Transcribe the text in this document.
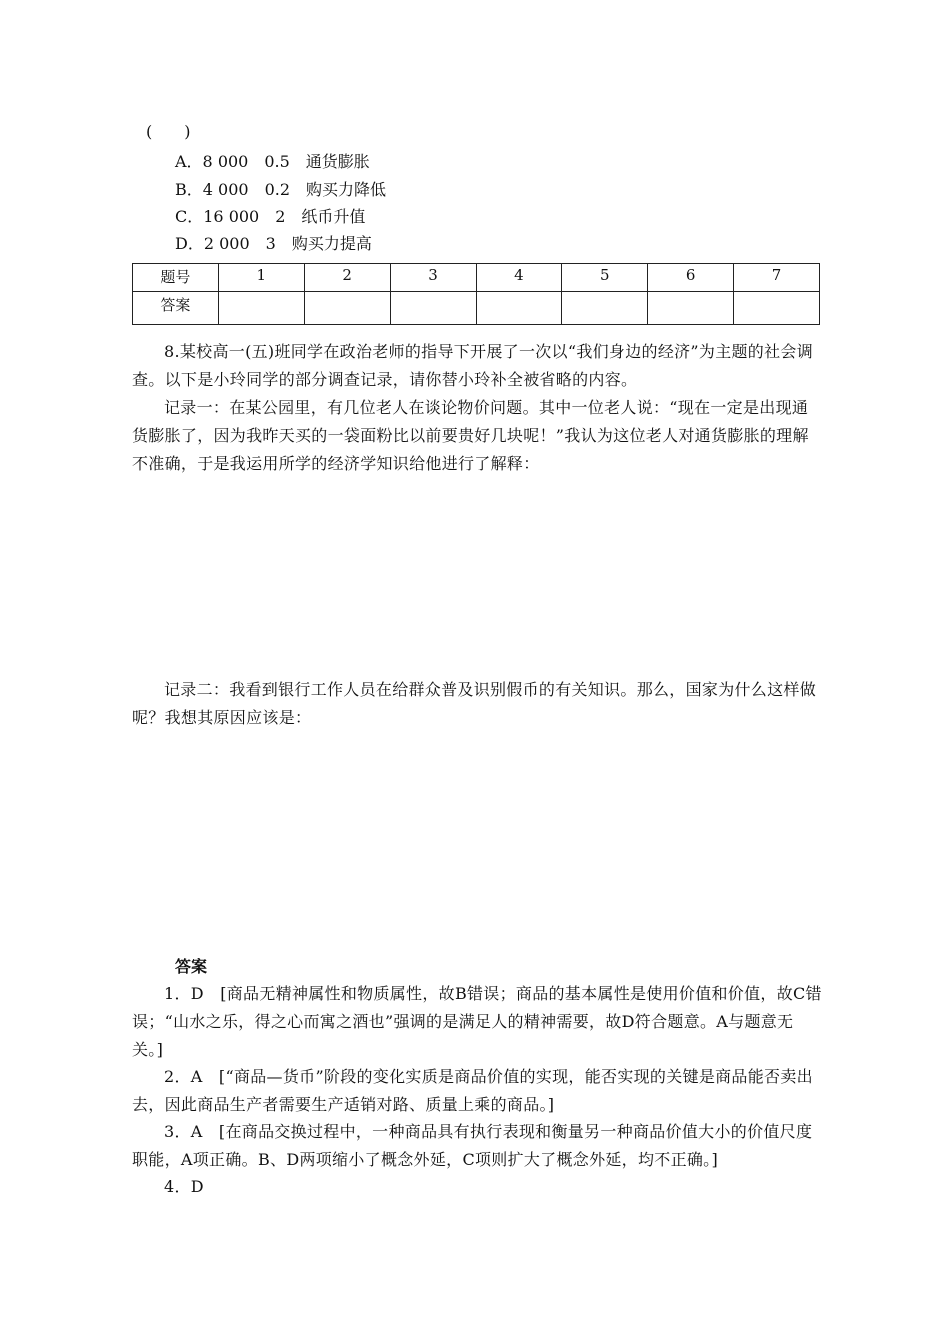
(　　)
A．8 000　0.5　通货膨胀
B．4 000　0.2　购买力降低
C．16 000　2　纸币升值
D．2 000　3　购买力提高
题号	1	2	3	4	5	6	7
答案							
8.某校高一(五)班同学在政治老师的指导下开展了一次以“我们身边的经济”为主题的社会调查。以下是小玲同学的部分调查记录，请你替小玲补全被省略的内容。
记录一：在某公园里，有几位老人在谈论物价问题。其中一位老人说：“现在一定是出现通货膨胀了，因为我昨天买的一袋面粉比以前要贵好几块呢！”我认为这位老人对通货膨胀的理解不准确，于是我运用所学的经济学知识给他进行了解释：
记录二：我看到银行工作人员在给群众普及识别假币的有关知识。那么，国家为什么这样做呢？我想其原因应该是：
答案
1．D　[商品无精神属性和物质属性，故B错误；商品的基本属性是使用价值和价值，故C错误；“山水之乐，得之心而寓之酒也”强调的是满足人的精神需要，故D符合题意。A与题意无关。]
2．A　[“商品—货币”阶段的变化实质是商品价值的实现，能否实现的关键是商品能否卖出去，因此商品生产者需要生产适销对路、质量上乘的商品。]
3．A　[在商品交换过程中，一种商品具有执行表现和衡量另一种商品价值大小的价值尺度职能，A项正确。B、D两项缩小了概念外延，C项则扩大了概念外延，均不正确。]
4．D
